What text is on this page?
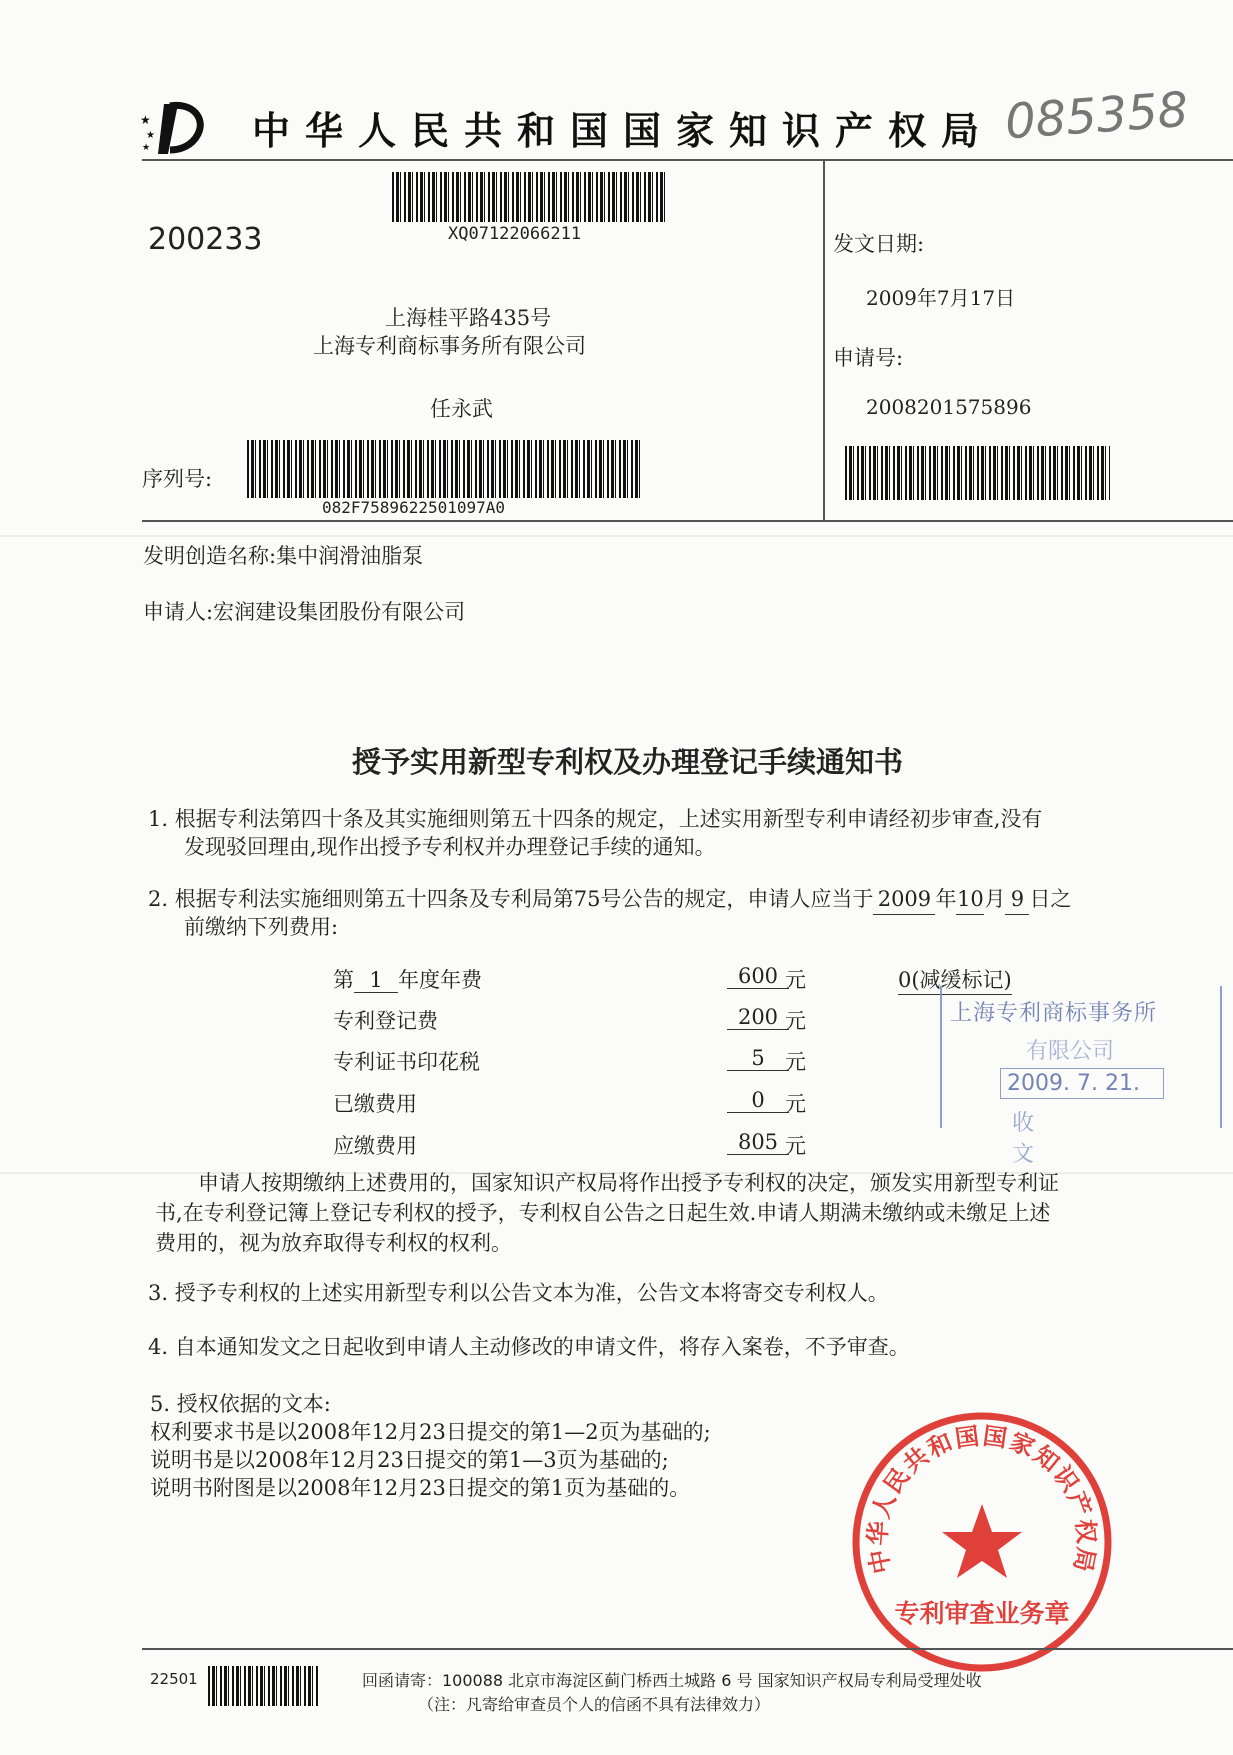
★
★
★	中华人民共和国国家知识产权局 085358
XQ07122066211
200233
上海桂平路435号
上海专利商标事务所有限公司
任永武
序列号:
082F7589622501097A0
发文日期:
2009年7月17日
申请号:
2008201575896
发明创造名称:集中润滑油脂泵
申请人:宏润建设集团股份有限公司
授予实用新型专利权及办理登记手续通知书
1. 根据专利法第四十条及其实施细则第五十四条的规定，上述实用新型专利申请经初步审查,没有
发现驳回理由,现作出授予专利权并办理登记手续的通知。
2. 根据专利法实施细则第五十四条及专利局第75号公告的规定，申请人应当于 2009 年10月 9 日之
前缴纳下列费用:
第 1 年度年费	600 元	0(减缓标记)
专利登记费	200 元
专利证书印花税	5 元
已缴费用	0 元
应缴费用	805 元
上海专利商标事务所
有限公司
2009. 7. 21.
收 文
申请人按期缴纳上述费用的，国家知识产权局将作出授予专利权的决定，颁发实用新型专利证
书,在专利登记簿上登记专利权的授予，专利权自公告之日起生效.申请人期满未缴纳或未缴足上述
费用的，视为放弃取得专利权的权利。
3. 授予专利权的上述实用新型专利以公告文本为准，公告文本将寄交专利权人。
4. 自本通知发文之日起收到申请人主动修改的申请文件，将存入案卷，不予审查。
5. 授权依据的文本:
权利要求书是以2008年12月23日提交的第1—2页为基础的;
说明书是以2008年12月23日提交的第1—3页为基础的;
说明书附图是以2008年12月23日提交的第1页为基础的。
中华人民共和国国家知识产权局
专利审查业务章
22501	回函请寄：100088 北京市海淀区蓟门桥西土城路 6 号 国家知识产权局专利局受理处收
（注：凡寄给审查员个人的信函不具有法律效力）
